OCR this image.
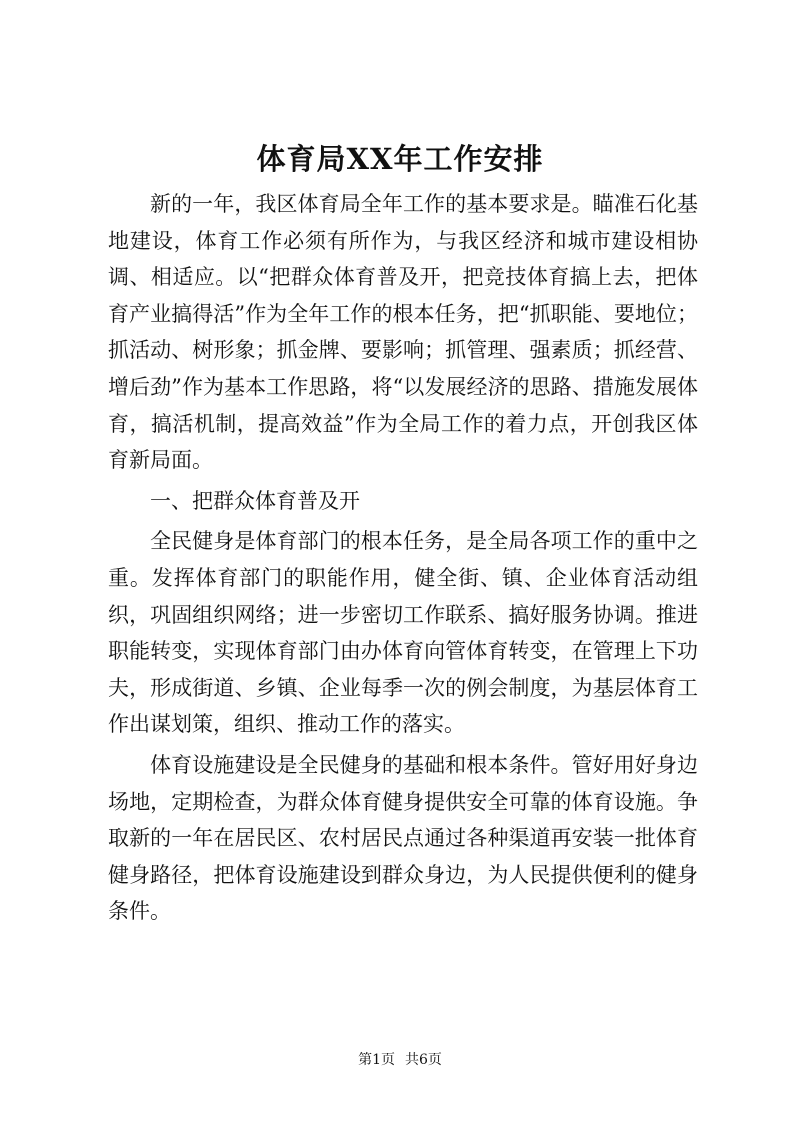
体育局XX年工作安排

新的一年，我区体育局全年工作的基本要求是。瞄准石化基地建设，体育工作必须有所作为，与我区经济和城市建设相协调、相适应。以“把群众体育普及开，把竞技体育搞上去，把体育产业搞得活”作为全年工作的根本任务，把“抓职能、要地位；抓活动、树形象；抓金牌、要影响；抓管理、强素质；抓经营、增后劲”作为基本工作思路，将“以发展经济的思路、措施发展体育，搞活机制，提高效益”作为全局工作的着力点，开创我区体育新局面。

一、把群众体育普及开

全民健身是体育部门的根本任务，是全局各项工作的重中之重。发挥体育部门的职能作用，健全街、镇、企业体育活动组织，巩固组织网络；进一步密切工作联系、搞好服务协调。推进职能转变，实现体育部门由办体育向管体育转变，在管理上下功夫，形成街道、乡镇、企业每季一次的例会制度，为基层体育工作出谋划策，组织、推动工作的落实。

体育设施建设是全民健身的基础和根本条件。管好用好身边场地，定期检查，为群众体育健身提供安全可靠的体育设施。争取新的一年在居民区、农村居民点通过各种渠道再安装一批体育健身路径，把体育设施建设到群众身边，为人民提供便利的健身条件。

第1页 共6页
